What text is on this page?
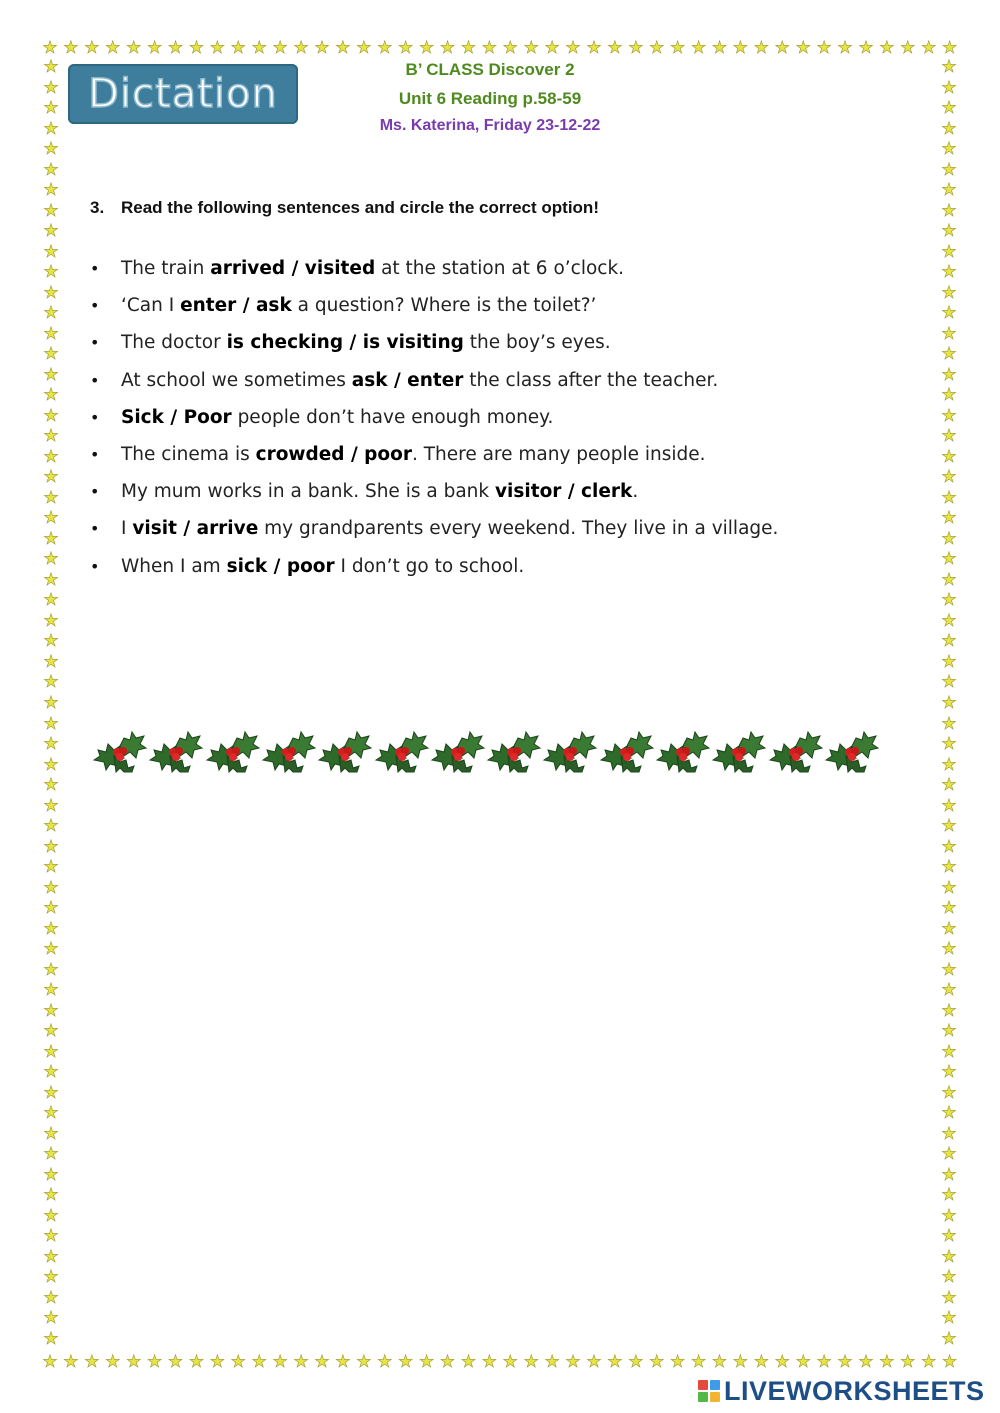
★ ★ ★ ★ ★ ★ ★ ★ ★ ★ ★ ★ ★ ★ ★ ★ ★ ★ ★ ★ ★ ★ ★ ★ ★ ★ ★ ★ ★ ★ ★ ★ ★ ★ ★ ★ ★ ★ ★ ★ ★ ★ ★ ★
★ ★ ★ ★ ★ ★ ★ ★ ★ ★ ★ ★ ★ ★ ★ ★ ★ ★ ★ ★ ★ ★ ★ ★ ★ ★ ★ ★ ★ ★ ★ ★ ★ ★ ★ ★ ★ ★ ★ ★ ★ ★ ★ ★
★
★
★
★
★
★
★
★
★
★
★
★
★
★
★
★
★
★
★
★
★
★
★
★
★
★
★
★
★
★
★
★
★
★
★
★
★
★
★
★
★
★
★
★
★
★
★
★
★
★
★
★
★
★
★
★
★
★
★
★
★
★
★
★
★
★
★
★
★
★
★
★
★
★
★
★
★
★
★
★
★
★
★
★
★
★
★
★
★
★
★
★
★
★
★
★
★
★
★
★
★
★
★
★
★
★
★
★
★
★
★
★
★
★
★
★
★
★
★
★
★
★
★
★
★
★
Dictation
B’ CLASS Discover 2
Unit 6 Reading p.58-59
Ms. Katerina, Friday 23-12-22
3. Read the following sentences and circle the correct option!
• The train arrived / visited at the station at 6 o’clock.
• ‘Can I enter / ask a question? Where is the toilet?’
• The doctor is checking / is visiting the boy’s eyes.
• At school we sometimes ask / enter the class after the teacher.
• Sick / Poor people don’t have enough money.
• The cinema is crowded / poor. There are many people inside.
• My mum works in a bank. She is a bank visitor / clerk.
• I visit / arrive my grandparents every weekend. They live in a village.
• When I am sick / poor I don’t go to school.
LIVEWORKSHEETS
